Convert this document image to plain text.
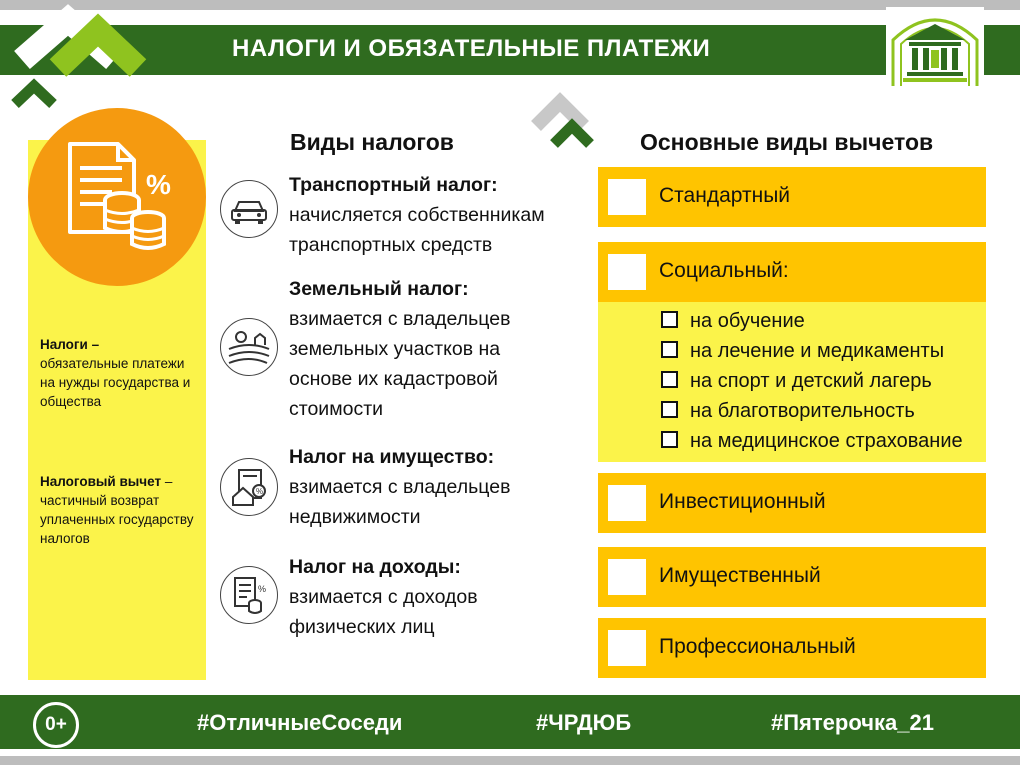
НАЛОГИ И ОБЯЗАТЕЛЬНЫЕ ПЛАТЕЖИ
%
Налоги –
обязательные платежи на нужды государства и общества
Налоговый вычет –
частичный возврат уплаченных государству налогов
Виды налогов
Транспортный налог:
начисляется собственникам транспортных средств
Земельный налог:
взимается с владельцев земельных участков на основе их кадастровой стоимости
%
Налог на имущество:
взимается с владельцев недвижимости
%
Налог на доходы:
взимается с доходов физических лиц
Основные виды вычетов
Стандартный
Социальный:
на обучение
на лечение и медикаменты
на спорт и детский лагерь
на благотворительность
на медицинское страхование
Инвестиционный
Имущественный
Профессиональный
0+	#ОтличныеСоседи	#ЧРДЮБ	#Пятерочка_21
